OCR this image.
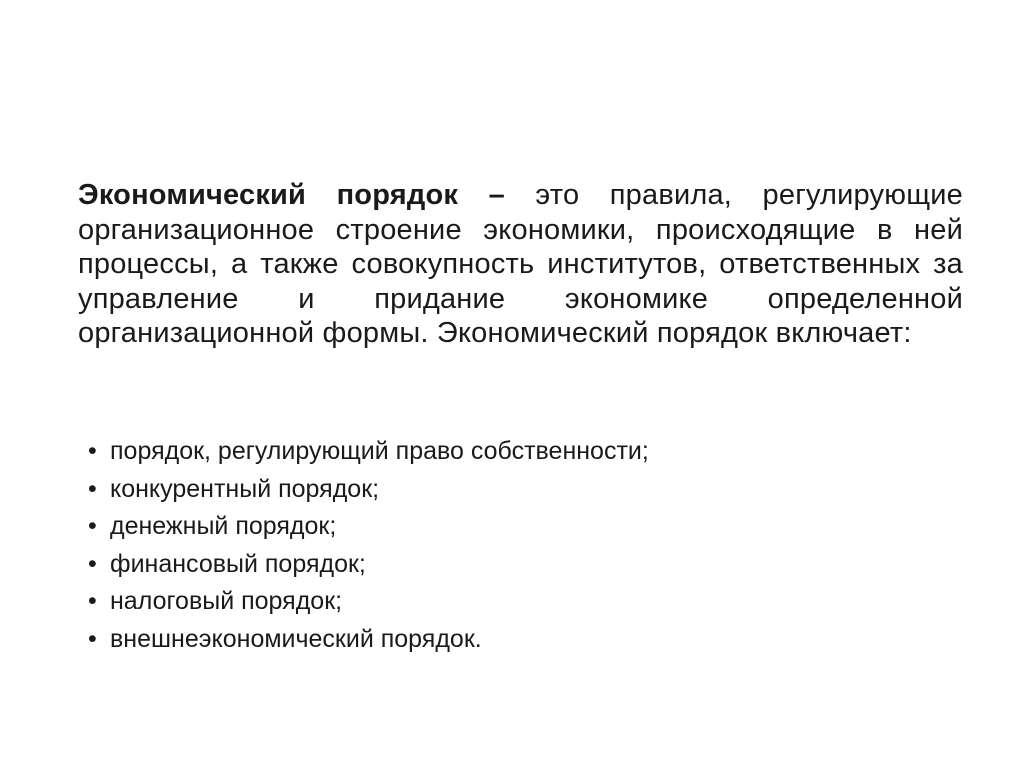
Экономический порядок – это правила, регулирующие организационное строение экономики, происходящие в ней процессы, а также совокупность институтов, ответственных за управление и придание экономике определенной организационной формы. Экономический порядок включает:

• порядок, регулирующий право собственности;
• конкурентный порядок;
• денежный порядок;
• финансовый порядок;
• налоговый порядок;
• внешнеэкономический порядок.
